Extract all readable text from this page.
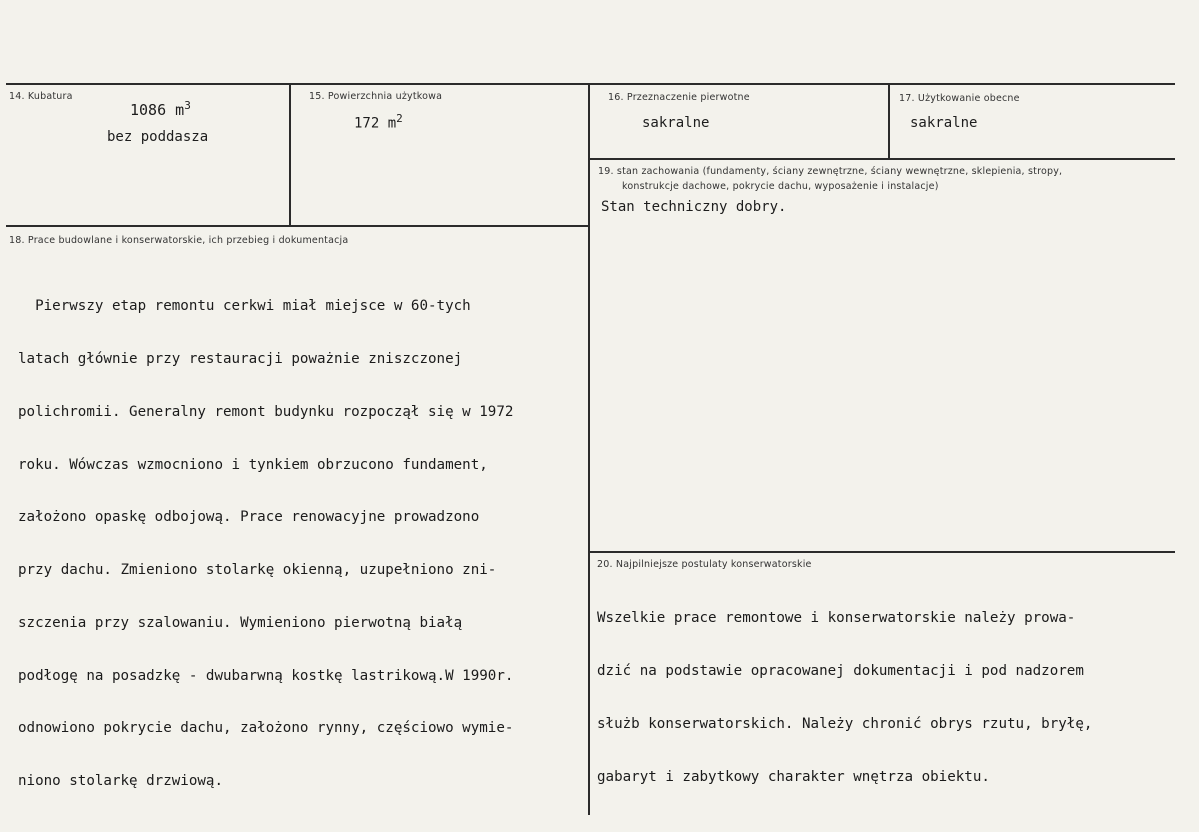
14. Kubatura
1086 $m^3$
bez poddasza
15. Powierzchnia użytkowa
172 $m^2$
16. Przeznaczenie pierwotne
sakralne
17. Użytkowanie obecne
sakralne
18. Prace budowlane i konserwatorskie, ich przebieg i dokumentacja

Pierwszy etap remontu cerkwi miał miejsce w 60-tych

latach głównie przy restauracji poważnie zniszczonej

polichromii. Generalny remont budynku rozpoczął się w 1972

roku. Wówczas wzmocniono i tynkiem obrzucono fundament,

założono opaskę odbojową. Prace renowacyjne prowadzono

przy dachu. Zmieniono stolarkę okienną, uzupełniono zni-

szczenia przy szalowaniu. Wymieniono pierwotną białą

podłogę na posadzkę - dwubarwną kostkę lastrikową.W 1990r.

odnowiono pokrycie dachu, założono rynny, częściowo wymie-

niono stolarkę drzwiową.

19. stan zachowania (fundamenty, ściany zewnętrzne, ściany wewnętrzne, sklepienia, stropy,
konstrukcje dachowe, pokrycie dachu, wyposażenie i instalacje)
Stan techniczny dobry.
20. Najpilniejsze postulaty konserwatorskie

Wszelkie prace remontowe i konserwatorskie należy prowa-

dzić na podstawie opracowanej dokumentacji i pod nadzorem

służb konserwatorskich. Należy chronić obrys rzutu, bryłę,

gabaryt i zabytkowy charakter wnętrza obiektu.
